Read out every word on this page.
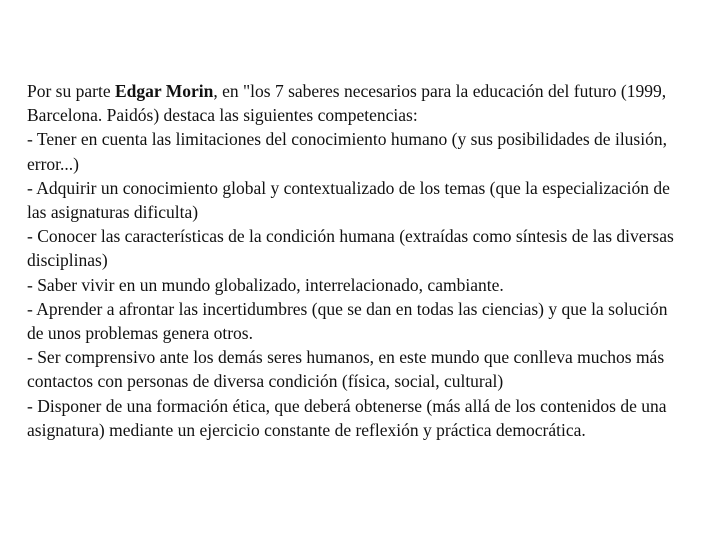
Por su parte Edgar Morin, en "los 7 saberes necesarios para la educación del futuro (1999, Barcelona. Paidós) destaca las siguientes competencias:

- Tener en cuenta las limitaciones del conocimiento humano (y sus posibilidades de ilusión, error...)

- Adquirir un conocimiento global y contextualizado de los temas (que la especialización de las asignaturas dificulta)

- Conocer las características de la condición humana (extraídas como síntesis de las diversas disciplinas)

- Saber vivir en un mundo globalizado, interrelacionado, cambiante.

- Aprender a afrontar las incertidumbres (que se dan en todas las ciencias) y que la solución de unos problemas genera otros.

- Ser comprensivo ante los demás seres humanos, en este mundo que conlleva muchos más contactos con personas de diversa condición (física, social, cultural)

- Disponer de una formación ética, que deberá obtenerse (más allá de los contenidos de una asignatura) mediante un ejercicio constante de reflexión y práctica democrática.
